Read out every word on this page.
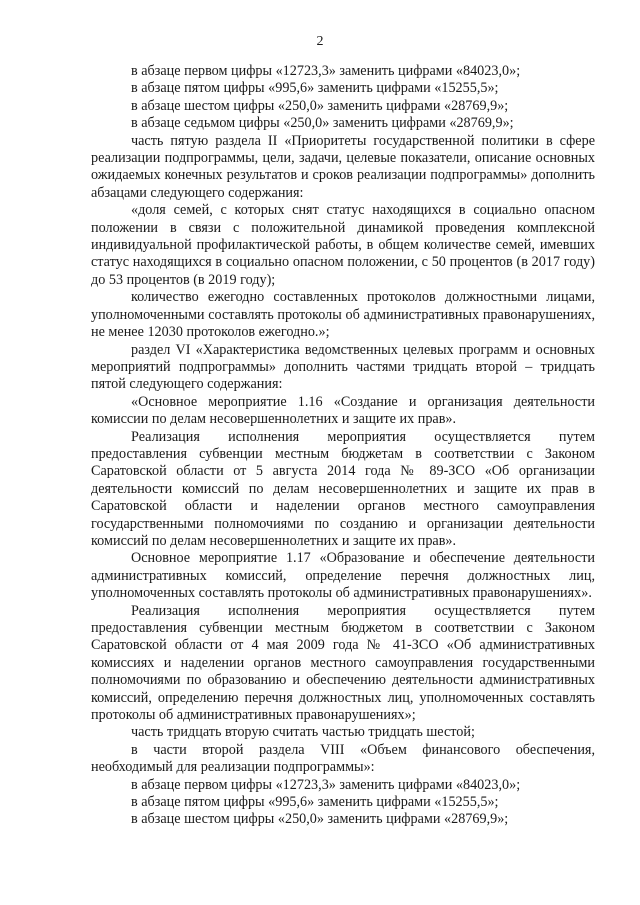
2

в абзаце первом цифры «12723,3» заменить цифрами «84023,0»;

в абзаце пятом цифры «995,6» заменить цифрами «15255,5»;

в абзаце шестом цифры «250,0» заменить цифрами «28769,9»;

в абзаце седьмом цифры «250,0» заменить цифрами «28769,9»;

часть пятую раздела II «Приоритеты государственной политики в сфере реализации подпрограммы, цели, задачи, целевые показатели, описание основных ожидаемых конечных результатов и сроков реализации подпрограммы» дополнить абзацами следующего содержания:

«доля семей, с которых снят статус находящихся в социально опасном положении в связи с положительной динамикой проведения комплексной индивидуальной профилактической работы, в общем количестве семей, имевших статус находящихся в социально опасном положении, с 50 процентов (в 2017 году) до 53 процентов (в 2019 году);

количество ежегодно составленных протоколов должностными лицами, уполномоченными составлять протоколы об административных правонарушениях, не менее 12030 протоколов ежегодно.»;

раздел VI «Характеристика ведомственных целевых программ и основных мероприятий подпрограммы» дополнить частями тридцать второй – тридцать пятой следующего содержания:

«Основное мероприятие 1.16 «Создание и организация деятельности комиссии по делам несовершеннолетних и защите их прав».

Реализация исполнения мероприятия осуществляется путем предоставления субвенции местным бюджетам в соответствии с Законом Саратовской области от 5 августа 2014 года № 89-ЗСО «Об организации деятельности комиссий по делам несовершеннолетних и защите их прав в Саратовской области и наделении органов местного самоуправления государственными полномочиями по созданию и организации деятельности комиссий по делам несовершеннолетних и защите их прав».

Основное мероприятие 1.17 «Образование и обеспечение деятельности административных комиссий, определение перечня должностных лиц, уполномоченных составлять протоколы об административных правонарушениях».

Реализация исполнения мероприятия осуществляется путем предоставления субвенции местным бюджетом в соответствии с Законом Саратовской области от 4 мая 2009 года № 41-ЗСО «Об административных комиссиях и наделении органов местного самоуправления государственными полномочиями по образованию и обеспечению деятельности административных комиссий, определению перечня должностных лиц, уполномоченных составлять протоколы об административных правонарушениях»;

часть тридцать вторую считать частью тридцать шестой;

в части второй раздела VIII «Объем финансового обеспечения, необходимый для реализации подпрограммы»:

в абзаце первом цифры «12723,3» заменить цифрами «84023,0»;

в абзаце пятом цифры «995,6» заменить цифрами «15255,5»;

в абзаце шестом цифры «250,0» заменить цифрами «28769,9»;
